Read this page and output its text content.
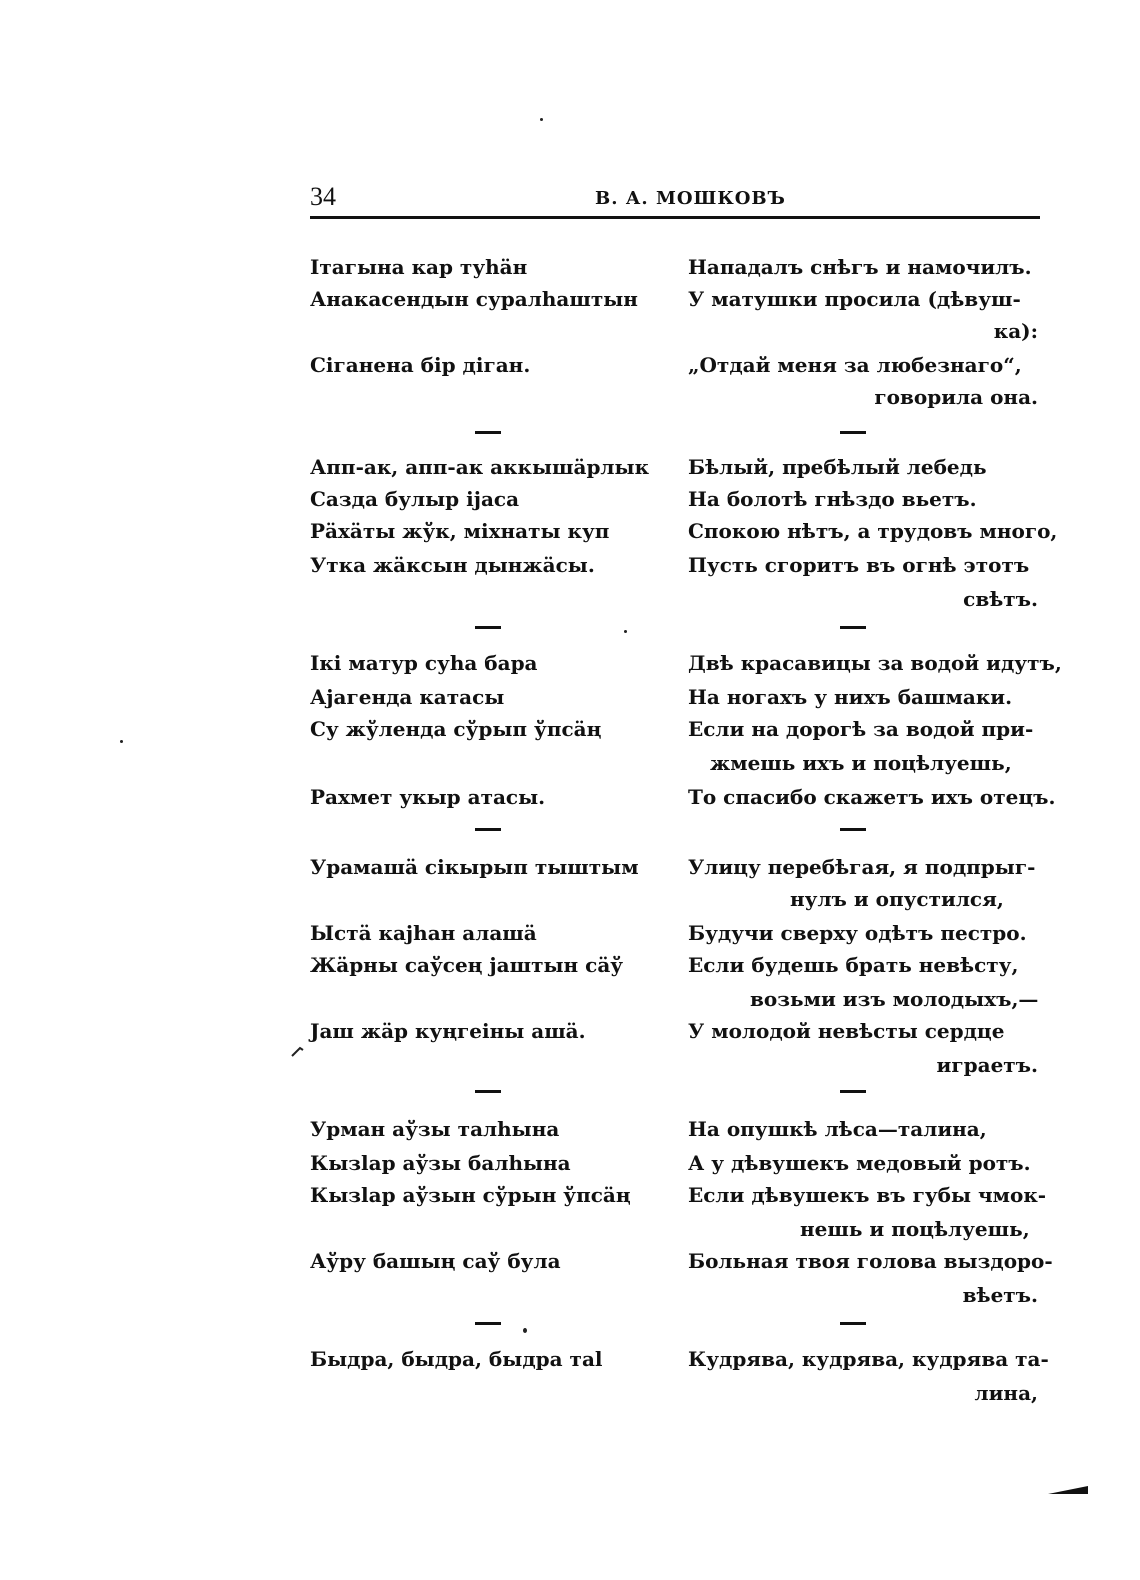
34	В. А. МОШКОВЪ
Ітагына кар туһäн
Анакасендын суралһаштын
Сіганена бір діган.
Нападалъ снѣгъ и намочилъ.
У матушки просила (дѣвуш-
ка):
„Отдай меня за любезнаго“,
говорила она.
Апп-ак, апп-ак аккышäрлык
Сазда булыр іjаса
Рäхäты жўк, міхнаты куп
Утка жäксын дынжäсы.
Бѣлый, пребѣлый лебедь
На болотѣ гнѣздо вьетъ.
Спокою нѣтъ, а трудовъ много,
Пусть сгоритъ въ огнѣ этотъ
свѣтъ.
Ікі матур суһа бара
Аjагенда катасы
Су жўленда сўрып ўпсäң
Рахмет укыр атасы.
Двѣ красавицы за водой идутъ,
На ногахъ у нихъ башмаки.
Если на дорогѣ за водой при-
жмешь ихъ и поцѣлуешь,
То спасибо скажетъ ихъ отецъ.
Урамашä сікырып тыштым
Ыстä каjһан алашä
Жäрны саўсең jаштын сäў
Jаш жäр куңгеіны ашä.
Улицу перебѣгая, я подпрыг-
нулъ и опустился,
Будучи сверху одѣтъ пестро.
Если будешь брать невѣсту,
возьми изъ молодыхъ,—
У молодой невѣсты сердце
играетъ.
Урман аўзы талһына
Кызlар аўзы балһына
Кызlар аўзын сўрын ўпсäң
Аўру башың саў була
На опушкѣ лѣса—талина,
А у дѣвушекъ медовый ротъ.
Если дѣвушекъ въ губы чмок-
нешь и поцѣлуешь,
Больная твоя голова выздоро-
вѣетъ.
Быдра, быдра, быдра таl	Кудрява, кудрява, кудрява та-
лина,
